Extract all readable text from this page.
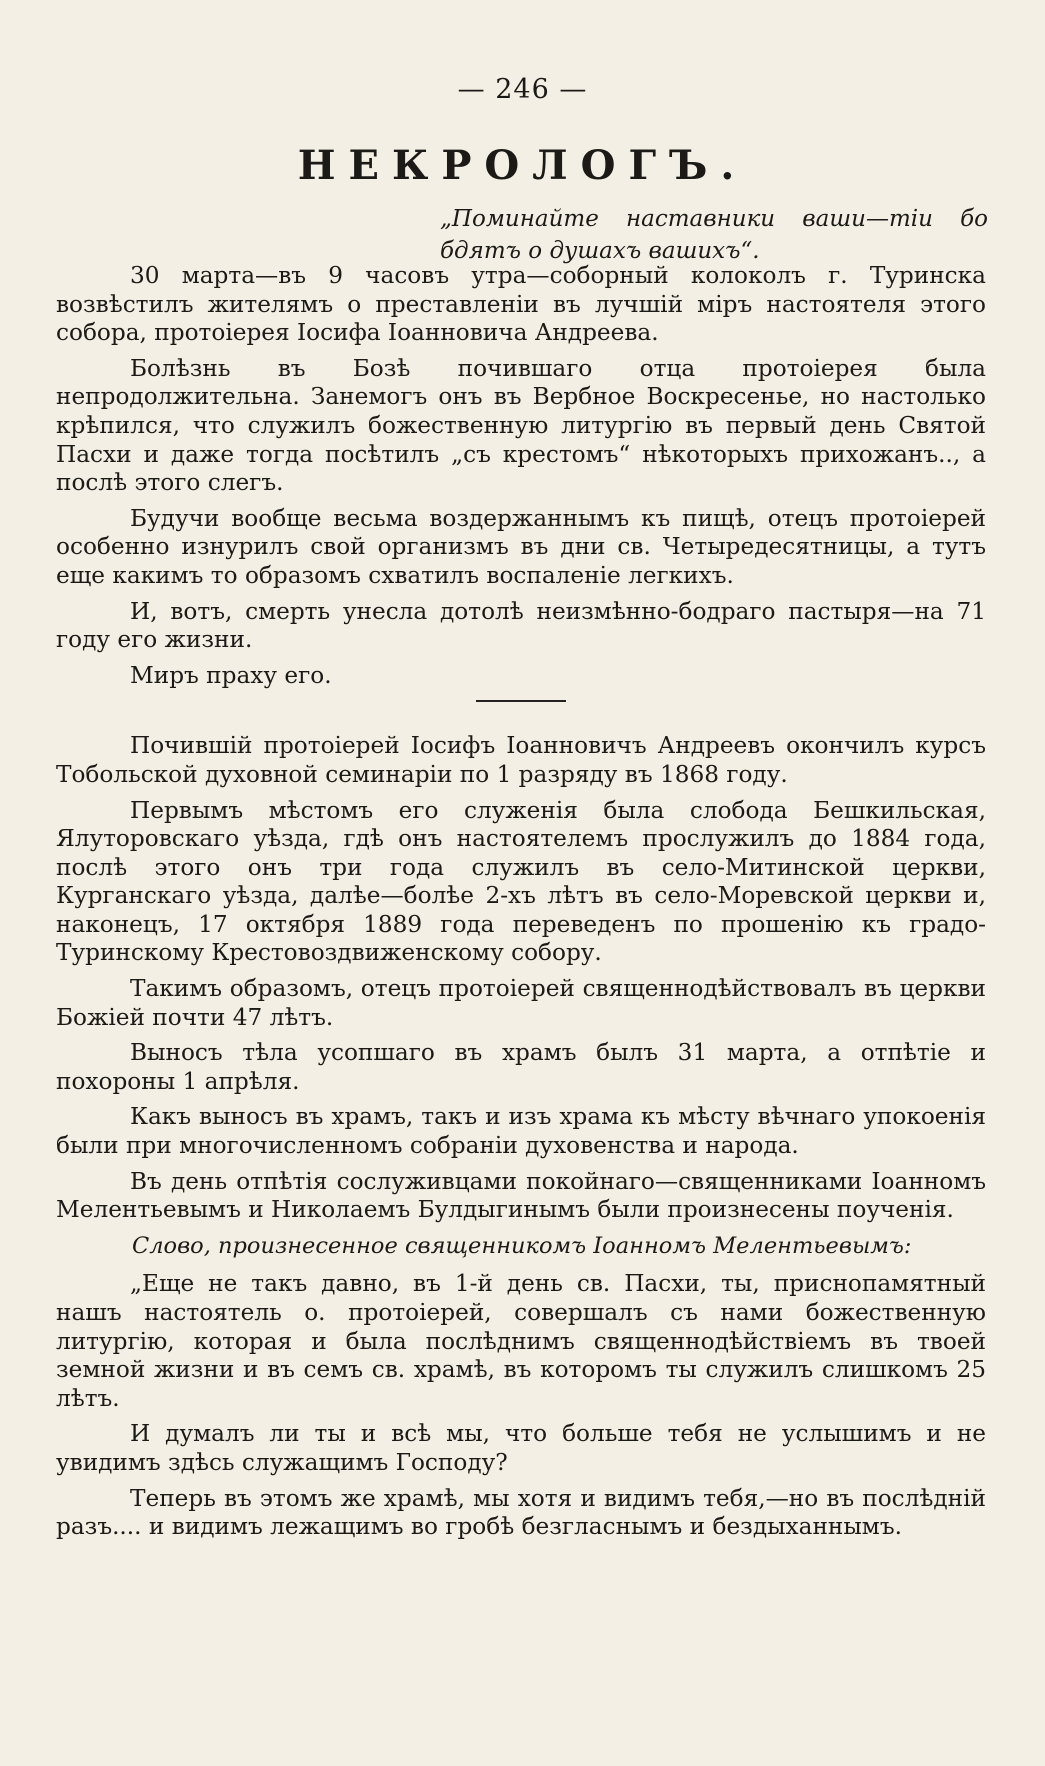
— 246 —
НЕКРОЛОГЪ.
„Поминайте наставники ваши—тіи бо бдятъ о душахъ вашихъ“.

30 марта—въ 9 часовъ утра—соборный колоколъ г. Туринска возвѣстилъ жителямъ о преставленіи въ лучшій міръ настоятеля этого собора, протоіерея Іосифа Іоанновича Андреева.

Болѣзнь въ Бозѣ почившаго отца протоіерея была непродолжительна. Занемогъ онъ въ Вербное Воскресенье, но настолько крѣпился, что служилъ божественную литургію въ первый день Святой Пасхи и даже тогда посѣтилъ „съ крестомъ“ нѣкоторыхъ прихожанъ.., а послѣ этого слегъ.

Будучи вообще весьма воздержаннымъ къ пищѣ, отецъ протоіерей особенно изнурилъ свой организмъ въ дни св. Четыредесятницы, а тутъ еще какимъ то образомъ схватилъ воспаленіе легкихъ.

И, вотъ, смерть унесла дотолѣ неизмѣнно-бодраго пастыря—на 71 году его жизни.

Миръ праху его.

Почившій протоіерей Іосифъ Іоанновичъ Андреевъ окончилъ курсъ Тобольской духовной семинаріи по 1 разряду въ 1868 году.

Первымъ мѣстомъ его служенія была слобода Бешкильская, Ялуторовскаго уѣзда, гдѣ онъ настоятелемъ прослужилъ до 1884 года, послѣ этого онъ три года служилъ въ село-Митинской церкви, Курганскаго уѣзда, далѣе—болѣе 2-хъ лѣтъ въ село-Моревской церкви и, наконецъ, 17 октября 1889 года переведенъ по прошенію къ градо-Туринскому Крестовоздвиженскому собору.

Такимъ образомъ, отецъ протоіерей священнодѣйствовалъ въ церкви Божіей почти 47 лѣтъ.

Выносъ тѣла усопшаго въ храмъ былъ 31 марта, а отпѣтіе и похороны 1 апрѣля.

Какъ выносъ въ храмъ, такъ и изъ храма къ мѣсту вѣчнаго упокоенія были при многочисленномъ собраніи духовенства и народа.

Въ день отпѣтія сослуживцами покойнаго—священниками Іоанномъ Мелентьевымъ и Николаемъ Булдыгинымъ были произнесены поученія.

Слово, произнесенное священникомъ Іоанномъ Мелентьевымъ:

„Еще не такъ давно, въ 1-й день св. Пасхи, ты, приснопамятный нашъ настоятель о. протоіерей, совершалъ съ нами божественную литургію, которая и была послѣднимъ священнодѣйствіемъ въ твоей земной жизни и въ семъ св. храмѣ, въ которомъ ты служилъ слишкомъ 25 лѣтъ.

И думалъ ли ты и всѣ мы, что больше тебя не услышимъ и не увидимъ здѣсь служащимъ Господу?

Теперь въ этомъ же храмѣ, мы хотя и видимъ тебя,—но въ послѣдній разъ.... и видимъ лежащимъ во гробѣ безгласнымъ и бездыханнымъ.
